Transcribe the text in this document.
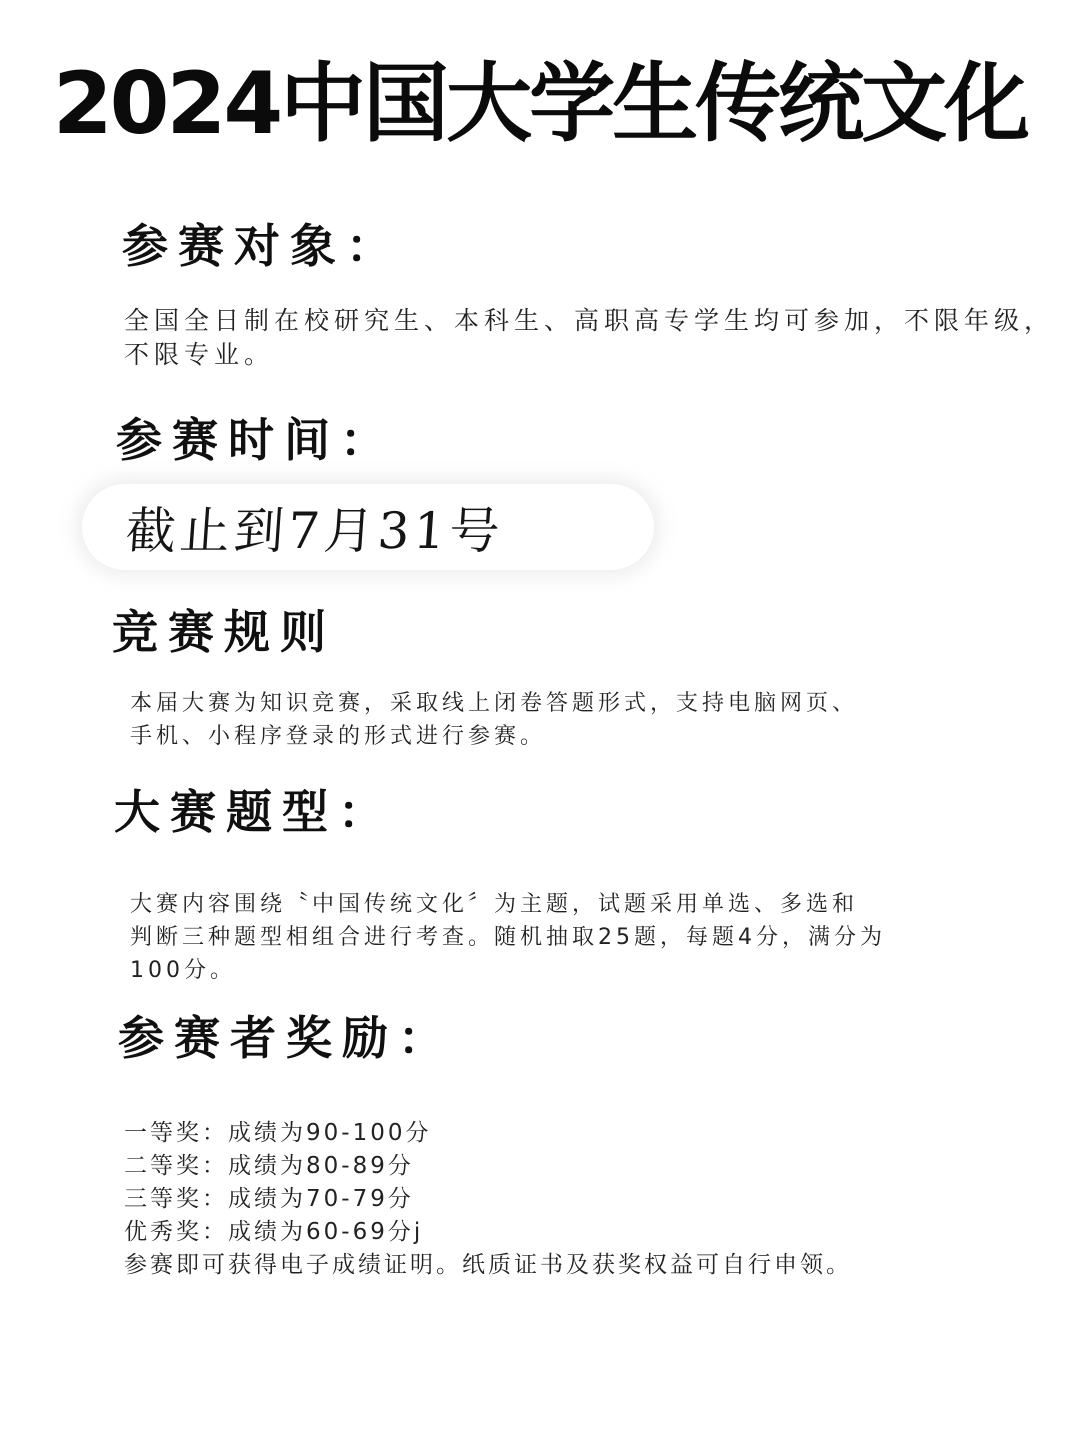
2024中国大学生传统文化
参赛对象：
全国全日制在校研究生、本科生、高职高专学生均可参加，不限年级，
不限专业。
参赛时间：
截止到7月31号
竞赛规则
本届大赛为知识竞赛，采取线上闭卷答题形式，支持电脑网页、
手机、小程序登录的形式进行参赛。
大赛题型：
大赛内容围绕〝中国传统文化〞为主题，试题采用单选、多选和
判断三种题型相组合进行考查。随机抽取25题，每题4分，满分为
100分。
参赛者奖励：
一等奖：成绩为90-100分
二等奖：成绩为80-89分
三等奖：成绩为70-79分
优秀奖：成绩为60-69分j
参赛即可获得电子成绩证明。纸质证书及获奖权益可自行申领。
